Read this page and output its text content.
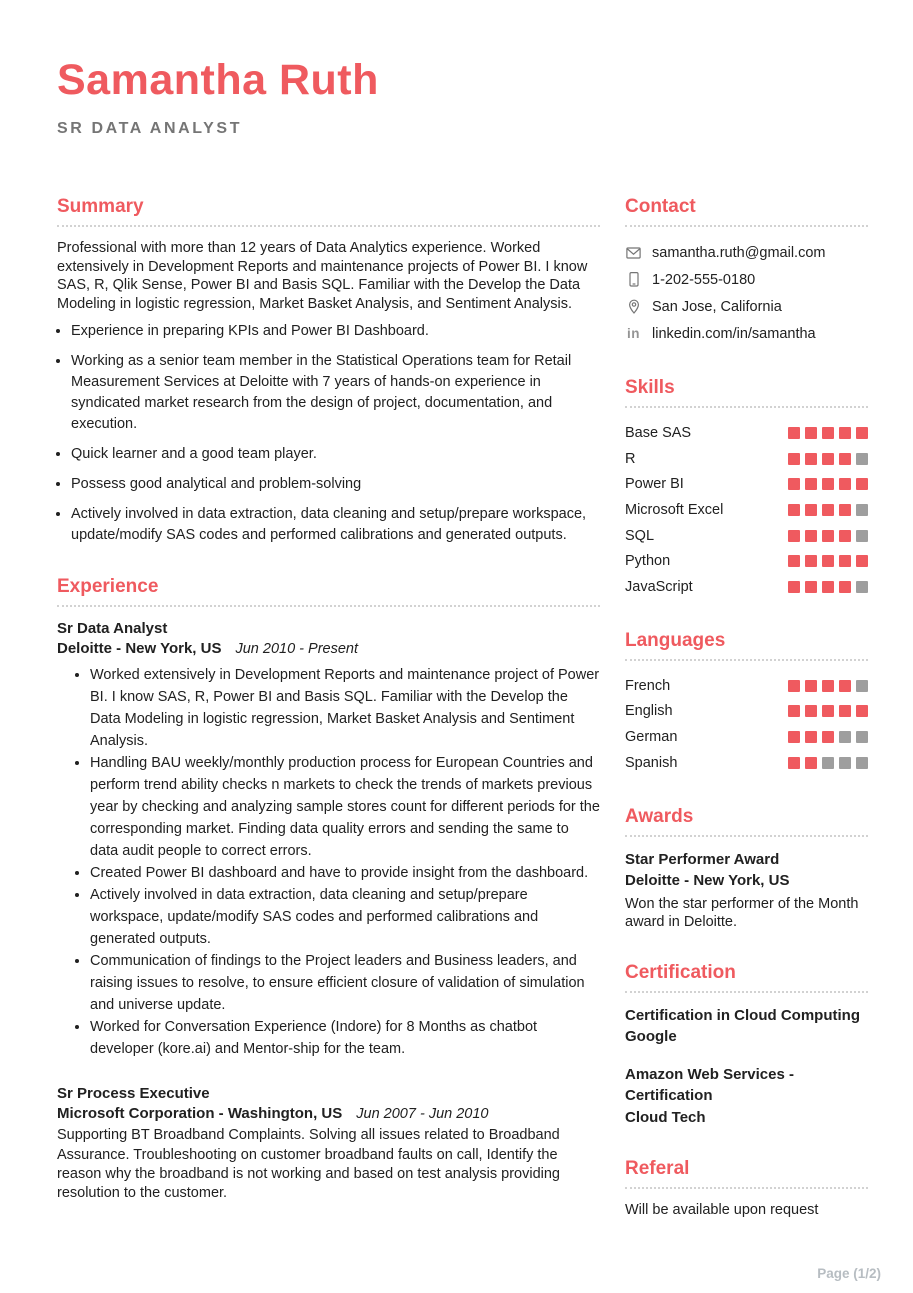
Samantha Ruth
SR DATA ANALYST
Summary

Professional with more than 12 years of Data Analytics experience. Worked extensively in Development Reports and maintenance projects of Power BI. I know SAS, R, Qlik Sense, Power BI and Basis SQL. Familiar with the Develop the Data Modeling in logistic regression, Market Basket Analysis, and Sentiment Analysis.

• Experience in preparing KPIs and Power BI Dashboard.
• Working as a senior team member in the Statistical Operations team for Retail Measurement Services at Deloitte with 7 years of hands-on experience in syndicated market research from the design of project, documentation, and execution.
• Quick learner and a good team player.
• Possess good analytical and problem-solving
• Actively involved in data extraction, data cleaning and setup/prepare workspace, update/modify SAS codes and performed calibrations and generated outputs.
Experience
Sr Data Analyst
Deloitte - New York, US Jun 2010 - Present
• Worked extensively in Development Reports and maintenance project of Power BI. I know SAS, R, Power BI and Basis SQL. Familiar with the Develop the Data Modeling in logistic regression, Market Basket Analysis and Sentiment Analysis.
• Handling BAU weekly/monthly production process for European Countries and perform trend ability checks n markets to check the trends of markets previous year by checking and analyzing sample stores count for different periods for the corresponding market. Finding data quality errors and sending the same to data audit people to correct errors.
• Created Power BI dashboard and have to provide insight from the dashboard.
• Actively involved in data extraction, data cleaning and setup/prepare workspace, update/modify SAS codes and performed calibrations and generated outputs.
• Communication of findings to the Project leaders and Business leaders, and raising issues to resolve, to ensure efficient closure of validation of simulation and universe update.
• Worked for Conversation Experience (Indore) for 8 Months as chatbot developer (kore.ai) and Mentor-ship for the team.
Sr Process Executive
Microsoft Corporation - Washington, US Jun 2007 - Jun 2010

Supporting BT Broadband Complaints. Solving all issues related to Broadband Assurance. Troubleshooting on customer broadband faults on call, Identify the reason why the broadband is not working and based on test analysis providing resolution to the customer.

Contact
samantha.ruth@gmail.com
1-202-555-0180
San Jose, California
in linkedin.com/in/samantha
Skills
Base SAS
R
Power BI
Microsoft Excel
SQL
Python
JavaScript
Languages
French
English
German
Spanish
Awards
Star Performer Award
Deloitte - New York, US
Won the star performer of the Month award in Deloitte.
Certification
Certification in Cloud Computing
Google
Amazon Web Services - Certification
Cloud Tech
Referal
Will be available upon request
Page (1/2)
